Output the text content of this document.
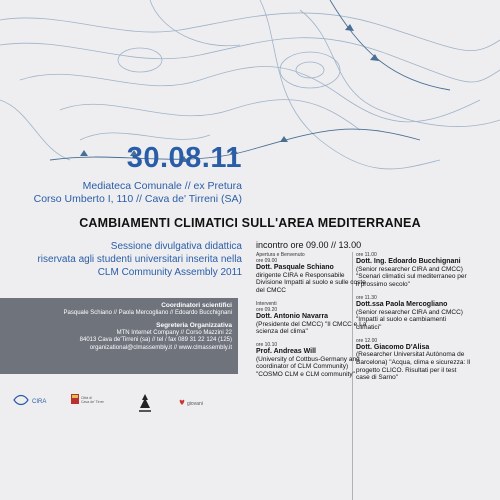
30.08.11
Mediateca Comunale // ex Pretura
Corso Umberto I, 110 // Cava de' Tirreni (SA)
CAMBIAMENTI CLIMATICI SULL'AREA MEDITERRANEA
Sessione divulgativa didattica
riservata agli studenti universitari inserita nella
CLM Community Assembly 2011
Coordinatori scientifici
Pasquale Schiano // Paola Mercogliano // Edoardo Bucchignani
Segreteria Organizzativa
MTN Internet Company // Corso Mazzini 22
84013 Cava de'Tirreni (sa) // tel / fax 089 31 22 124 (125)
organizational@clmassembly.it // www.clmassembly.it
CIRA
Città di
Cava de' Tirreni	giovani
incontro ore 09.00 // 13.00
Apertura e Benvenuto
ore 09.00
Dott. Pasquale Schiano
dirigente CIRA e Responsabile Divisione Impatti al suolo e sulle coste del CMCC
Interventi
ore 09.20
Dott. Antonio Navarra
(Presidente del CMCC) "Il CMCC e La scienza del clima"
ore 10.10
Prof. Andreas Will
(University of Cottbus-Germany and coordinator of CLM Community) "COSMO CLM e CLM community"
ore 11.00
Dott. Ing. Edoardo Bucchignani
(Senior researcher CIRA and CMCC) "Scenari climatici sul mediterraneo per il prossimo secolo"
ore 11.30
Dott.ssa Paola Mercogliano
(Senior researcher CIRA and CMCC) "Impatti al suolo e cambiamenti climatici"
ore 12.00
Dott. Giacomo D'Alisa
(Researcher Universitat Autònoma de Barcelona) "Acqua, clima e sicurezza: Il progetto CLICO. Risultati per il test case di Sarno"
